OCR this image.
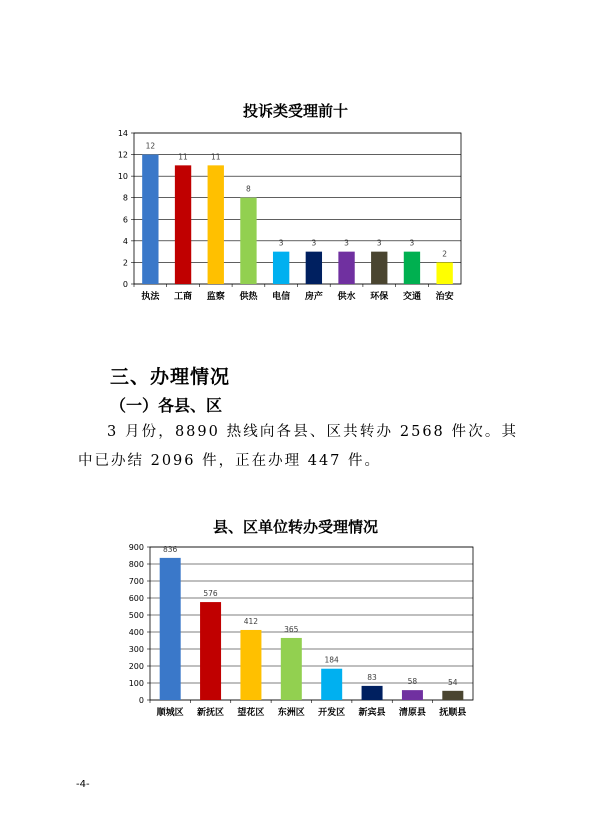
投诉类受理前十
0
2
4
6
8
10
12
14
12
执法
11
工商
11
监察
8
供热
3
电信
3
房产
3
供水
3
环保
3
交通
2
治安
三、办理情况
（一）各县、区
3 月份，8890 热线向各县、区共转办 2568 件次。其中已办结 2096 件，正在办理 447 件。
县、区单位转办受理情况
0
100
200
300
400
500
600
700
800
900	836
顺城区
576
新抚区
412
望花区
365
东洲区
184
开发区
83
新宾县
58
清原县
54
抚顺县
-4-
